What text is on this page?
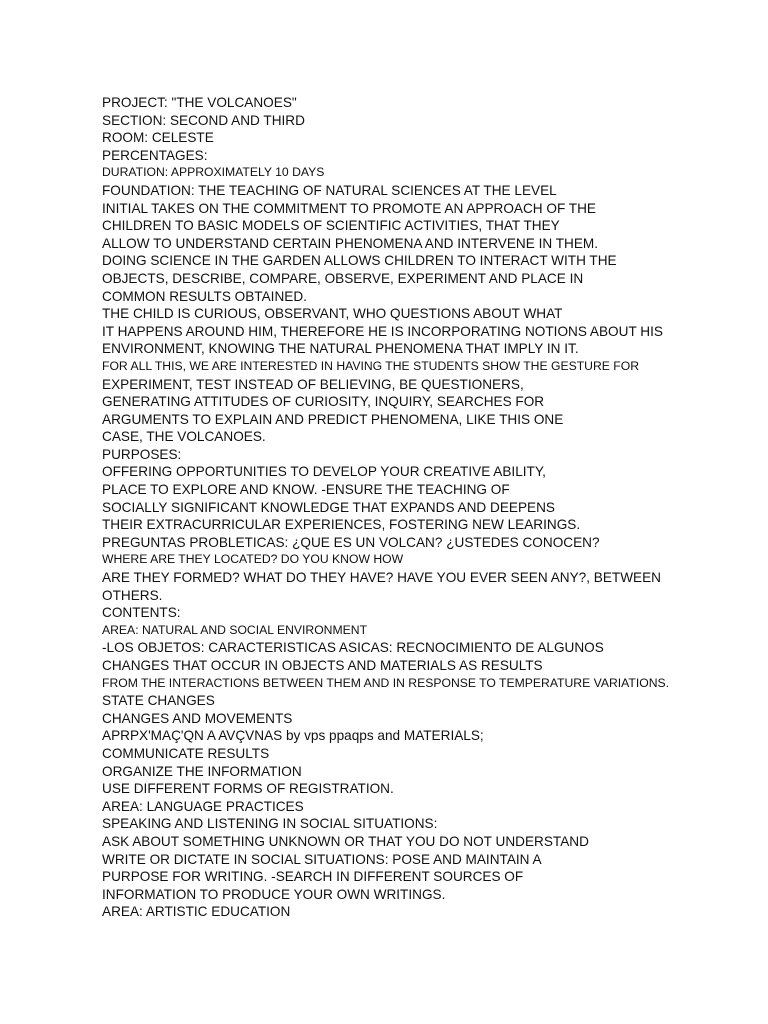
PROJECT: "THE VOLCANOES"
SECTION: SECOND AND THIRD
ROOM: CELESTE
PERCENTAGES:
DURATION: APPROXIMATELY 10 DAYS
FOUNDATION: THE TEACHING OF NATURAL SCIENCES AT THE LEVEL
INITIAL TAKES ON THE COMMITMENT TO PROMOTE AN APPROACH OF THE
CHILDREN TO BASIC MODELS OF SCIENTIFIC ACTIVITIES, THAT THEY
ALLOW TO UNDERSTAND CERTAIN PHENOMENA AND INTERVENE IN THEM.
DOING SCIENCE IN THE GARDEN ALLOWS CHILDREN TO INTERACT WITH THE
OBJECTS, DESCRIBE, COMPARE, OBSERVE, EXPERIMENT AND PLACE IN
COMMON RESULTS OBTAINED.
THE CHILD IS CURIOUS, OBSERVANT, WHO QUESTIONS ABOUT WHAT
IT HAPPENS AROUND HIM, THEREFORE HE IS INCORPORATING NOTIONS ABOUT HIS
ENVIRONMENT, KNOWING THE NATURAL PHENOMENA THAT IMPLY IN IT.
FOR ALL THIS, WE ARE INTERESTED IN HAVING THE STUDENTS SHOW THE GESTURE FOR
EXPERIMENT, TEST INSTEAD OF BELIEVING, BE QUESTIONERS,
GENERATING ATTITUDES OF CURIOSITY, INQUIRY, SEARCHES FOR
ARGUMENTS TO EXPLAIN AND PREDICT PHENOMENA, LIKE THIS ONE
CASE, THE VOLCANOES.
PURPOSES:
OFFERING OPPORTUNITIES TO DEVELOP YOUR CREATIVE ABILITY,
PLACE TO EXPLORE AND KNOW. -ENSURE THE TEACHING OF
SOCIALLY SIGNIFICANT KNOWLEDGE THAT EXPANDS AND DEEPENS
THEIR EXTRACURRICULAR EXPERIENCES, FOSTERING NEW LEARINGS.
PREGUNTAS PROBLETICAS: ¿QUE ES UN VOLCAN? ¿USTEDES CONOCEN?
WHERE ARE THEY LOCATED? DO YOU KNOW HOW
ARE THEY FORMED? WHAT DO THEY HAVE? HAVE YOU EVER SEEN ANY?, BETWEEN
OTHERS.
CONTENTS:
AREA: NATURAL AND SOCIAL ENVIRONMENT
-LOS OBJETOS: CARACTERISTICAS ASICAS: RECNOCIMIENTO DE ALGUNOS
CHANGES THAT OCCUR IN OBJECTS AND MATERIALS AS RESULTS
FROM THE INTERACTIONS BETWEEN THEM AND IN RESPONSE TO TEMPERATURE VARIATIONS.
STATE CHANGES
CHANGES AND MOVEMENTS
APRPX'MAÇ'QN A AVÇVNAS by vps ppaqps and MATERIALS;
COMMUNICATE RESULTS
ORGANIZE THE INFORMATION
USE DIFFERENT FORMS OF REGISTRATION.
AREA: LANGUAGE PRACTICES
SPEAKING AND LISTENING IN SOCIAL SITUATIONS:
ASK ABOUT SOMETHING UNKNOWN OR THAT YOU DO NOT UNDERSTAND
WRITE OR DICTATE IN SOCIAL SITUATIONS: POSE AND MAINTAIN A
PURPOSE FOR WRITING. -SEARCH IN DIFFERENT SOURCES OF
INFORMATION TO PRODUCE YOUR OWN WRITINGS.
AREA: ARTISTIC EDUCATION
